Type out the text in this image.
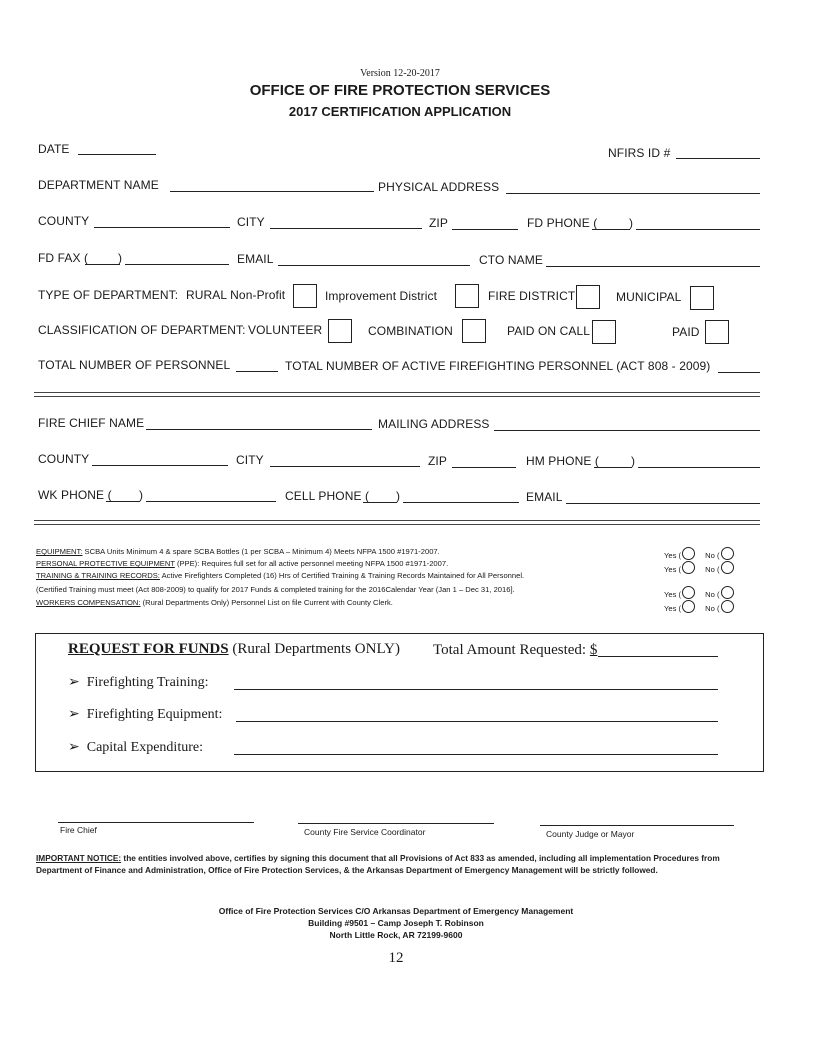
Version 12-20-2017
OFFICE OF FIRE PROTECTION SERVICES
2017 CERTIFICATION APPLICATION
DATE	NFIRS ID #
DEPARTMENT NAME	PHYSICAL ADDRESS
COUNTY	CITY	ZIP	FD PHONE (	)
FD FAX ( )	EMAIL	CTO NAME
TYPE OF DEPARTMENT: RURAL Non-Profit	Improvement District	FIRE DISTRICT	MUNICIPAL
CLASSIFICATION OF DEPARTMENT: VOLUNTEER	COMBINATION	PAID ON CALL	PAID
TOTAL NUMBER OF PERSONNEL	TOTAL NUMBER OF ACTIVE FIREFIGHTING PERSONNEL (ACT 808 - 2009)
FIRE CHIEF NAME	MAILING ADDRESS
COUNTY	CITY	ZIP	HM PHONE (	)
WK PHONE ( )	CELL PHONE ( )	EMAIL
EQUIPMENT: SCBA Units Minimum 4 & spare SCBA Bottles (1 per SCBA – Minimum 4) Meets NFPA 1500 #1971-2007.
PERSONAL PROTECTIVE EQUIPMENT (PPE): Requires full set for all active personnel meeting NFPA 1500 #1971-2007.
TRAINING & TRAINING RECORDS: Active Firefighters Completed (16) Hrs of Certified Training & Training Records Maintained for All Personnel.
(Certified Training must meet (Act 808-2009) to qualify for 2017 Funds & completed training for the 2016Calendar Year (Jan 1 – Dec 31, 2016].
WORKERS COMPENSATION: (Rural Departments Only) Personnel List on file Current with County Clerk.
Yes (	No (
Yes (	No (
Yes (	No (
Yes (	No (
REQUEST FOR FUNDS (Rural Departments ONLY) Total Amount Requested: $
➢ Firefighting Training:
➢ Firefighting Equipment:
➢ Capital Expenditure:
Fire Chief	County Fire Service Coordinator	County Judge or Mayor
IMPORTANT NOTICE: the entities involved above, certifies by signing this document that all Provisions of Act 833 as amended, including all implementation Procedures from Department of Finance and Administration, Office of Fire Protection Services, & the Arkansas Department of Emergency Management will be strictly followed.
Office of Fire Protection Services C/O Arkansas Department of Emergency Management
Building #9501 – Camp Joseph T. Robinson
North Little Rock, AR 72199-9600
12
